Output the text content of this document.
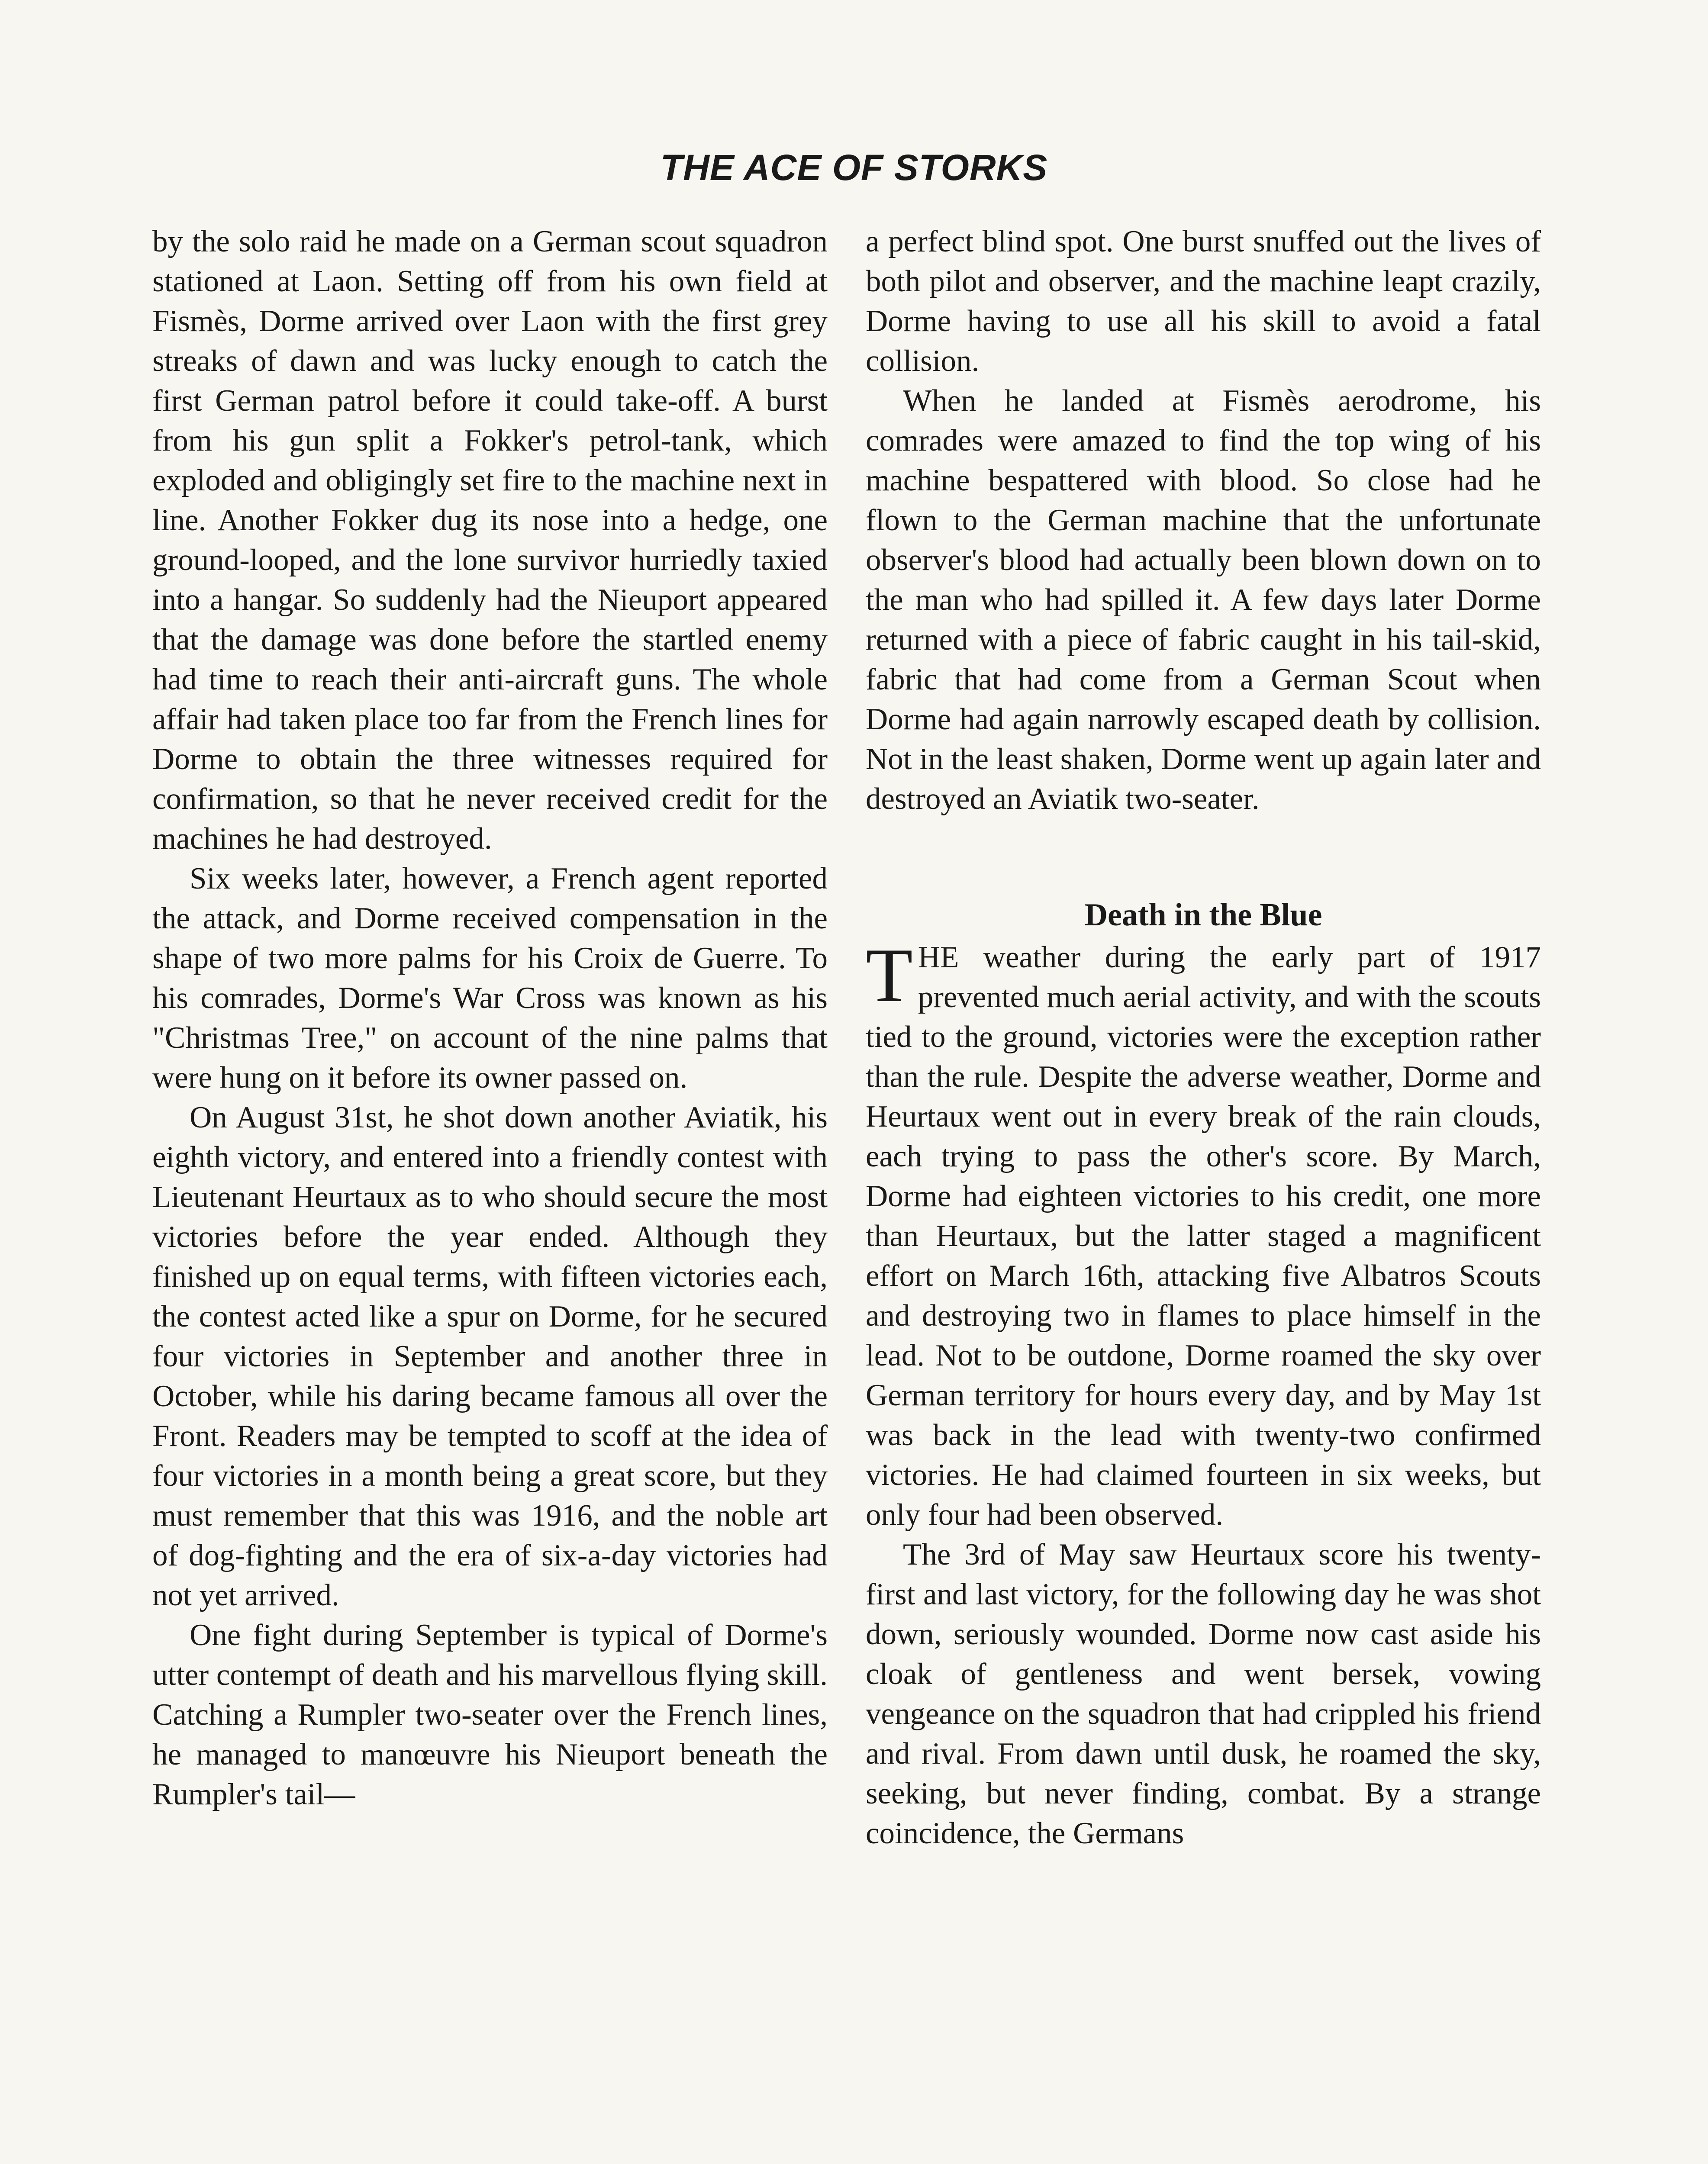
THE ACE OF STORKS

by the solo raid he made on a German scout squadron stationed at Laon. Setting off from his own field at Fismès, Dorme arrived over Laon with the first grey streaks of dawn and was lucky enough to catch the first German patrol before it could take-off. A burst from his gun split a Fokker's petrol-tank, which exploded and obligingly set fire to the machine next in line. Another Fokker dug its nose into a hedge, one ground-looped, and the lone survivor hurriedly taxied into a hangar. So suddenly had the Nieuport appeared that the damage was done before the startled enemy had time to reach their anti-aircraft guns. The whole affair had taken place too far from the French lines for Dorme to obtain the three witnesses required for confirmation, so that he never received credit for the machines he had destroyed.

Six weeks later, however, a French agent reported the attack, and Dorme received compensation in the shape of two more palms for his Croix de Guerre. To his comrades, Dorme's War Cross was known as his "Christmas Tree," on account of the nine palms that were hung on it before its owner passed on.

On August 31st, he shot down another Aviatik, his eighth victory, and entered into a friendly contest with Lieutenant Heurtaux as to who should secure the most victories before the year ended. Although they finished up on equal terms, with fifteen victories each, the contest acted like a spur on Dorme, for he secured four victories in September and another three in October, while his daring became famous all over the Front. Readers may be tempted to scoff at the idea of four victories in a month being a great score, but they must remember that this was 1916, and the noble art of dog-fighting and the era of six-a-day victories had not yet arrived.

One fight during September is typical of Dorme's utter contempt of death and his marvellous flying skill. Catching a Rumpler two-seater over the French lines, he managed to manœuvre his Nieuport beneath the Rumpler's tail—

a perfect blind spot. One burst snuffed out the lives of both pilot and observer, and the machine leapt crazily, Dorme having to use all his skill to avoid a fatal collision.

When he landed at Fismès aerodrome, his comrades were amazed to find the top wing of his machine bespattered with blood. So close had he flown to the German machine that the unfortunate observer's blood had actually been blown down on to the man who had spilled it. A few days later Dorme returned with a piece of fabric caught in his tail-skid, fabric that had come from a German Scout when Dorme had again narrowly escaped death by collision. Not in the least shaken, Dorme went up again later and destroyed an Aviatik two-seater.

Death in the Blue

THE weather during the early part of 1917 prevented much aerial activity, and with the scouts tied to the ground, victories were the exception rather than the rule. Despite the adverse weather, Dorme and Heurtaux went out in every break of the rain clouds, each trying to pass the other's score. By March, Dorme had eighteen victories to his credit, one more than Heurtaux, but the latter staged a magnificent effort on March 16th, attacking five Albatros Scouts and destroying two in flames to place himself in the lead. Not to be outdone, Dorme roamed the sky over German territory for hours every day, and by May 1st was back in the lead with twenty-two confirmed victories. He had claimed fourteen in six weeks, but only four had been observed.

The 3rd of May saw Heurtaux score his twenty-first and last victory, for the following day he was shot down, seriously wounded. Dorme now cast aside his cloak of gentleness and went bersek, vowing vengeance on the squadron that had crippled his friend and rival. From dawn until dusk, he roamed the sky, seeking, but never finding, combat. By a strange coincidence, the Germans
